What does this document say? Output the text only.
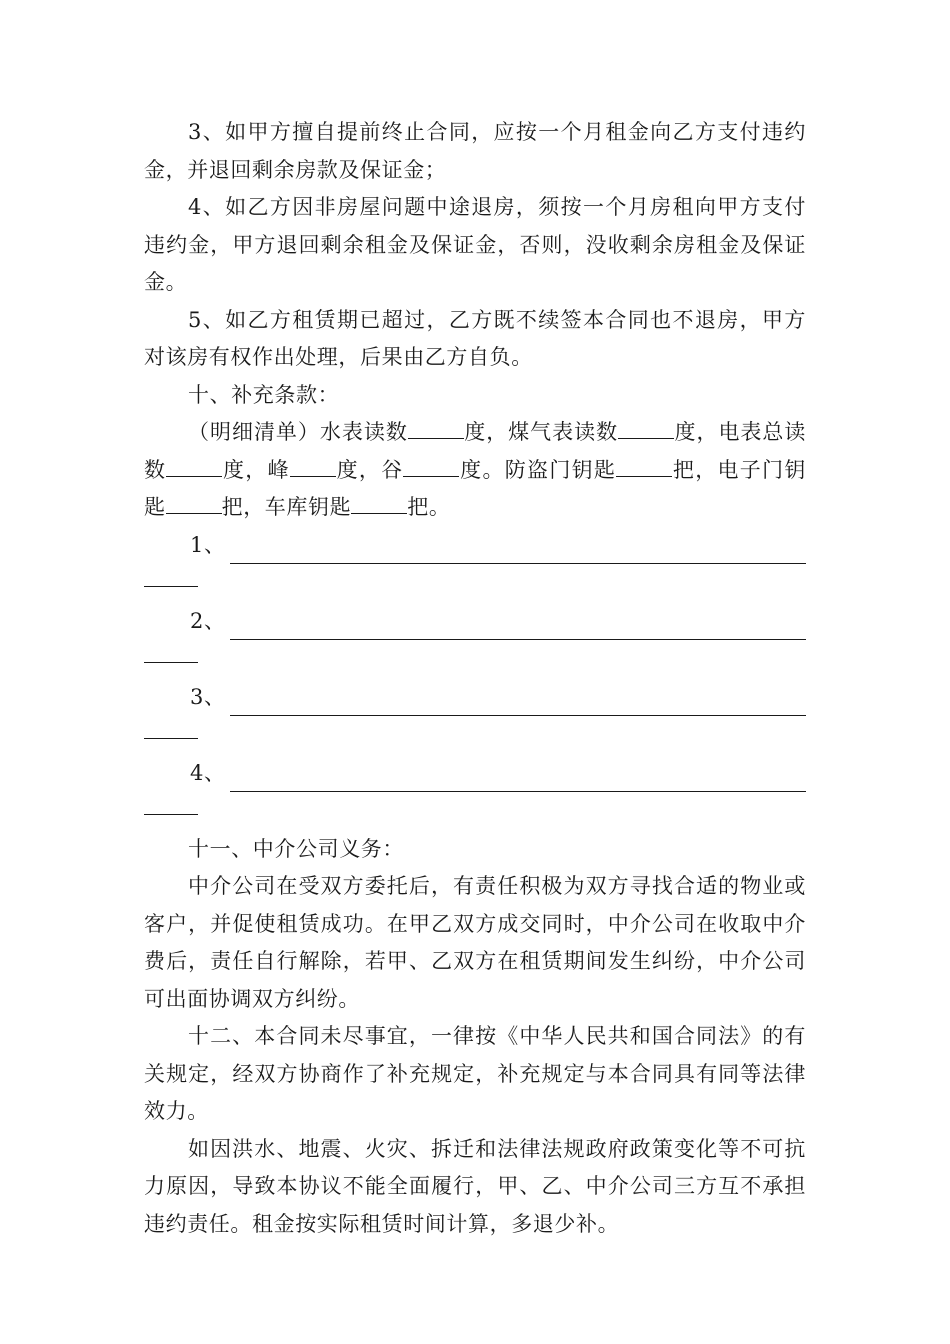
3、如甲方擅自提前终止合同，应按一个月租金向乙方支付违约金，并退回剩余房款及保证金；

4、如乙方因非房屋问题中途退房，须按一个月房租向甲方支付违约金，甲方退回剩余租金及保证金，否则，没收剩余房租金及保证金。

5、如乙方租赁期已超过，乙方既不续签本合同也不退房，甲方对该房有权作出处理，后果由乙方自负。

十、补充条款：

（明细清单）水表读数	度，煤气表读数	度，电表总读数	度，峰 度，谷	度。防盗门钥匙	把，电子门钥匙	把，车库钥匙	把。

1、
2、
3、
4、

十一、中介公司义务：

中介公司在受双方委托后，有责任积极为双方寻找合适的物业或客户，并促使租赁成功。在甲乙双方成交同时，中介公司在收取中介费后，责任自行解除，若甲、乙双方在租赁期间发生纠纷，中介公司可出面协调双方纠纷。

十二、本合同未尽事宜，一律按《中华人民共和国合同法》的有关规定，经双方协商作了补充规定，补充规定与本合同具有同等法律效力。

如因洪水、地震、火灾、拆迁和法律法规政府政策变化等不可抗力原因，导致本协议不能全面履行，甲、乙、中介公司三方互不承担违约责任。租金按实际租赁时间计算，多退少补。
